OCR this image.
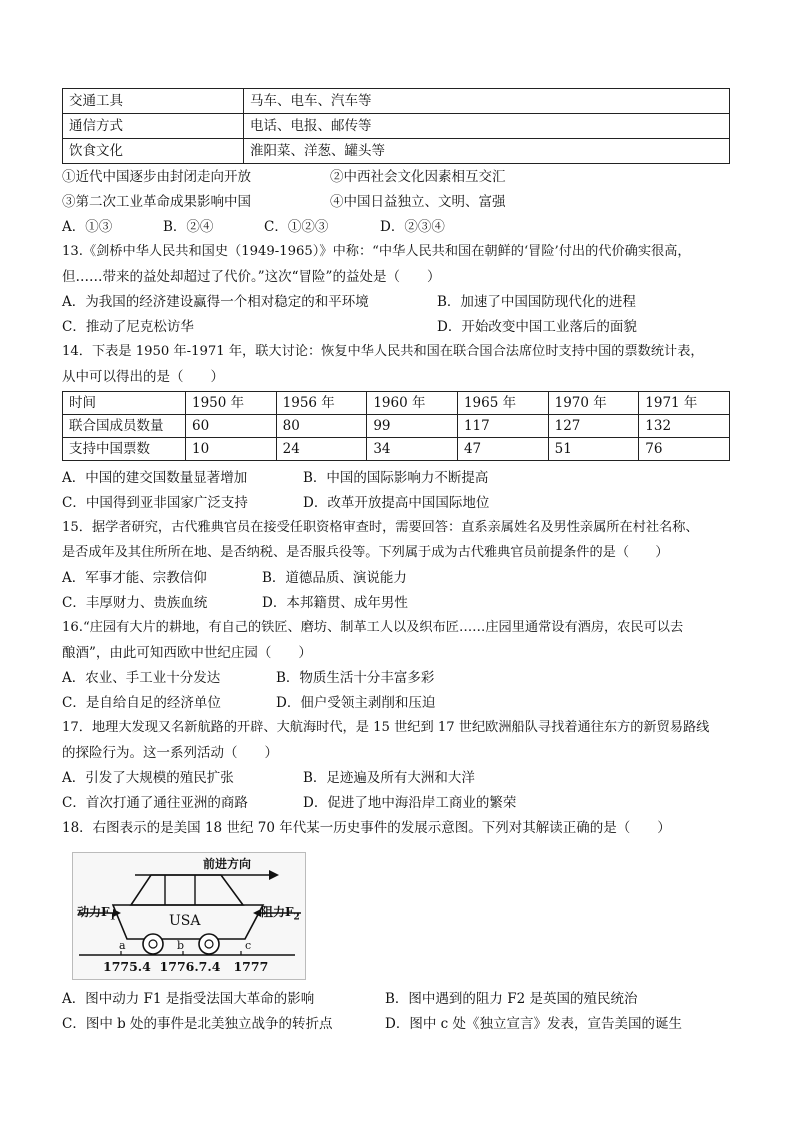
交通工具	马车、电车、汽车等
通信方式	电话、电报、邮传等
饮食文化	淮阳菜、洋葱、罐头等
①近代中国逐步由封闭走向开放	②中西社会文化因素相互交汇
③第二次工业革命成果影响中国	④中国日益独立、文明、富强
A．①③	B．②④	C．①②③	D．②③④
13.《剑桥中华人民共和国史（1949-1965）》中称：“中华人民共和国在朝鲜的‘冒险’付出的代价确实很高，
但……带来的益处却超过了代价。”这次“冒险”的益处是（　　）
A．为我国的经济建设赢得一个相对稳定的和平环境	B．加速了中国国防现代化的进程
C．推动了尼克松访华	D．开始改变中国工业落后的面貌
14．下表是 1950 年-1971 年，联大讨论：恢复中华人民共和国在联合国合法席位时支持中国的票数统计表，
从中可以得出的是（　　）
时间	1950 年	1956 年	1960 年	1965 年	1970 年	1971 年
联合国成员数量	60	80	99	117	127	132
支持中国票数	10	24	34	47	51	76
A．中国的建交国数量显著增加	B．中国的国际影响力不断提高
C．中国得到亚非国家广泛支持	D．改革开放提高中国国际地位
15．据学者研究，古代雅典官员在接受任职资格审查时，需要回答：直系亲属姓名及男性亲属所在村社名称、
是否成年及其住所所在地、是否纳税、是否服兵役等。下列属于成为古代雅典官员前提条件的是（　　）
A．军事才能、宗教信仰	B．道德品质、演说能力
C．丰厚财力、贵族血统	D．本邦籍贯、成年男性
16.“庄园有大片的耕地，有自己的铁匠、磨坊、制革工人以及织布匠……庄园里通常设有酒房，农民可以去
酿酒”，由此可知西欧中世纪庄园（　　）
A．农业、手工业十分发达	B．物质生活十分丰富多彩
C．是自给自足的经济单位	D．佃户受领主剥削和压迫
17．地理大发现又名新航路的开辟、大航海时代，是 15 世纪到 17 世纪欧洲船队寻找着通往东方的新贸易路线
的探险行为。这一系列活动（　　）
A．引发了大规模的殖民扩张	B．足迹遍及所有大洲和大洋
C．首次打通了通往亚洲的商路	D．促进了地中海沿岸工商业的繁荣
18．右图表示的是美国 18 世纪 70 年代某一历史事件的发展示意图。下列对其解读正确的是（　　）
前进方向
动力$F_1$	阻力$F_2$
USA
a	b	c
1775.4  1776.7.4   1777
A．图中动力 F1 是指受法国大革命的影响	B．图中遇到的阻力 F2 是英国的殖民统治
C．图中 b 处的事件是北美独立战争的转折点	D．图中 c 处《独立宣言》发表，宣告美国的诞生
